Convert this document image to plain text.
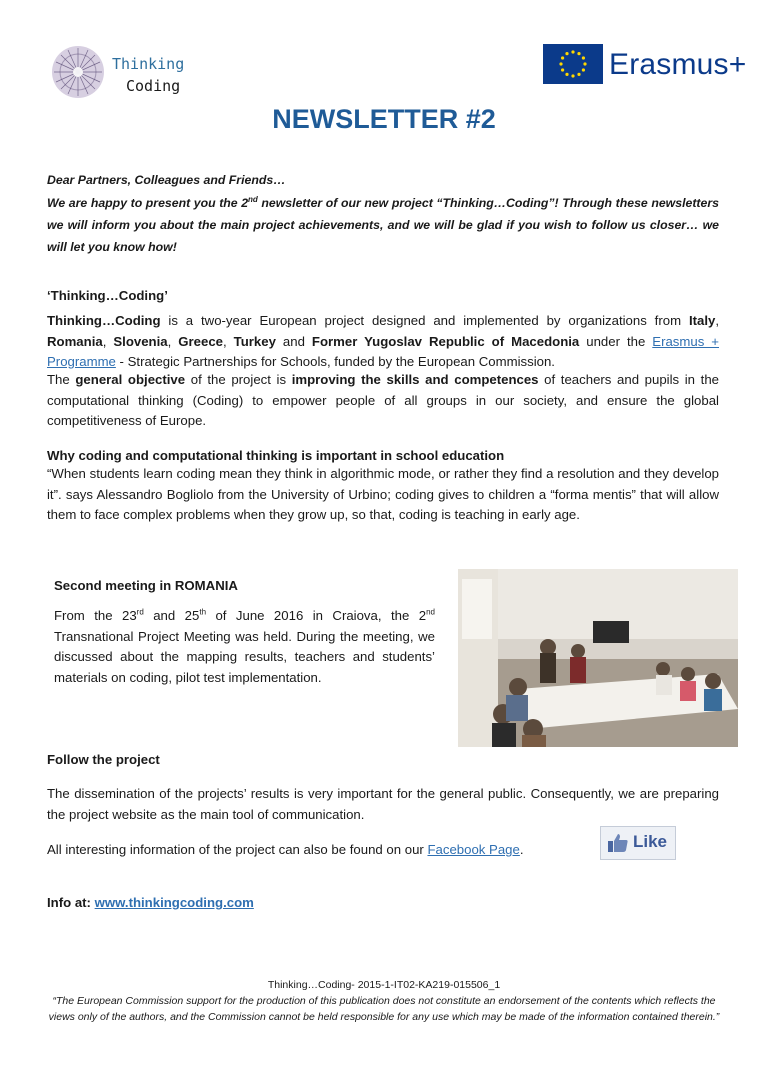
Thinking
Coding
Erasmus+
NEWSLETTER #2
Dear Partners, Colleagues and Friends…
We are happy to present you the 2nd newsletter of our new project “Thinking…Coding”! Through these newsletters we will inform you about the main project achievements, and we will be glad if you wish to follow us closer… we will let you know how!
‘Thinking…Coding’
Thinking…Coding is a two-year European project designed and implemented by organizations from Italy, Romania, Slovenia, Greece, Turkey and Former Yugoslav Republic of Macedonia under the Erasmus + Programme - Strategic Partnerships for Schools, funded by the European Commission.
The general objective of the project is improving the skills and competences of teachers and pupils in the computational thinking (Coding) to empower people of all groups in our society, and ensure the global competitiveness of Europe.
Why coding and computational thinking is important in school education
“When students learn coding mean they think in algorithmic mode, or rather they find a resolution and they develop it”. says Alessandro Bogliolo from the University of Urbino; coding gives to children a “forma mentis” that will allow them to face complex problems when they grow up, so that, coding is teaching in early age.
Second meeting in ROMANIA
From the 23rd and 25th of June 2016 in Craiova, the 2nd Transnational Project Meeting was held. During the meeting, we discussed about the mapping results, teachers and students’ materials on coding, pilot test implementation.
Follow the project
The dissemination of the projects’ results is very important for the general public. Consequently, we are preparing the project website as the main tool of communication.
All interesting information of the project can also be found on our Facebook Page.	Like
Info at: www.thinkingcoding.com
Thinking…Coding- 2015-1-IT02-KA219-015506_1
“The European Commission support for the production of this publication does not constitute an endorsement of the contents which reflects the views only of the authors, and the Commission cannot be held responsible for any use which may be made of the information contained therein.”
